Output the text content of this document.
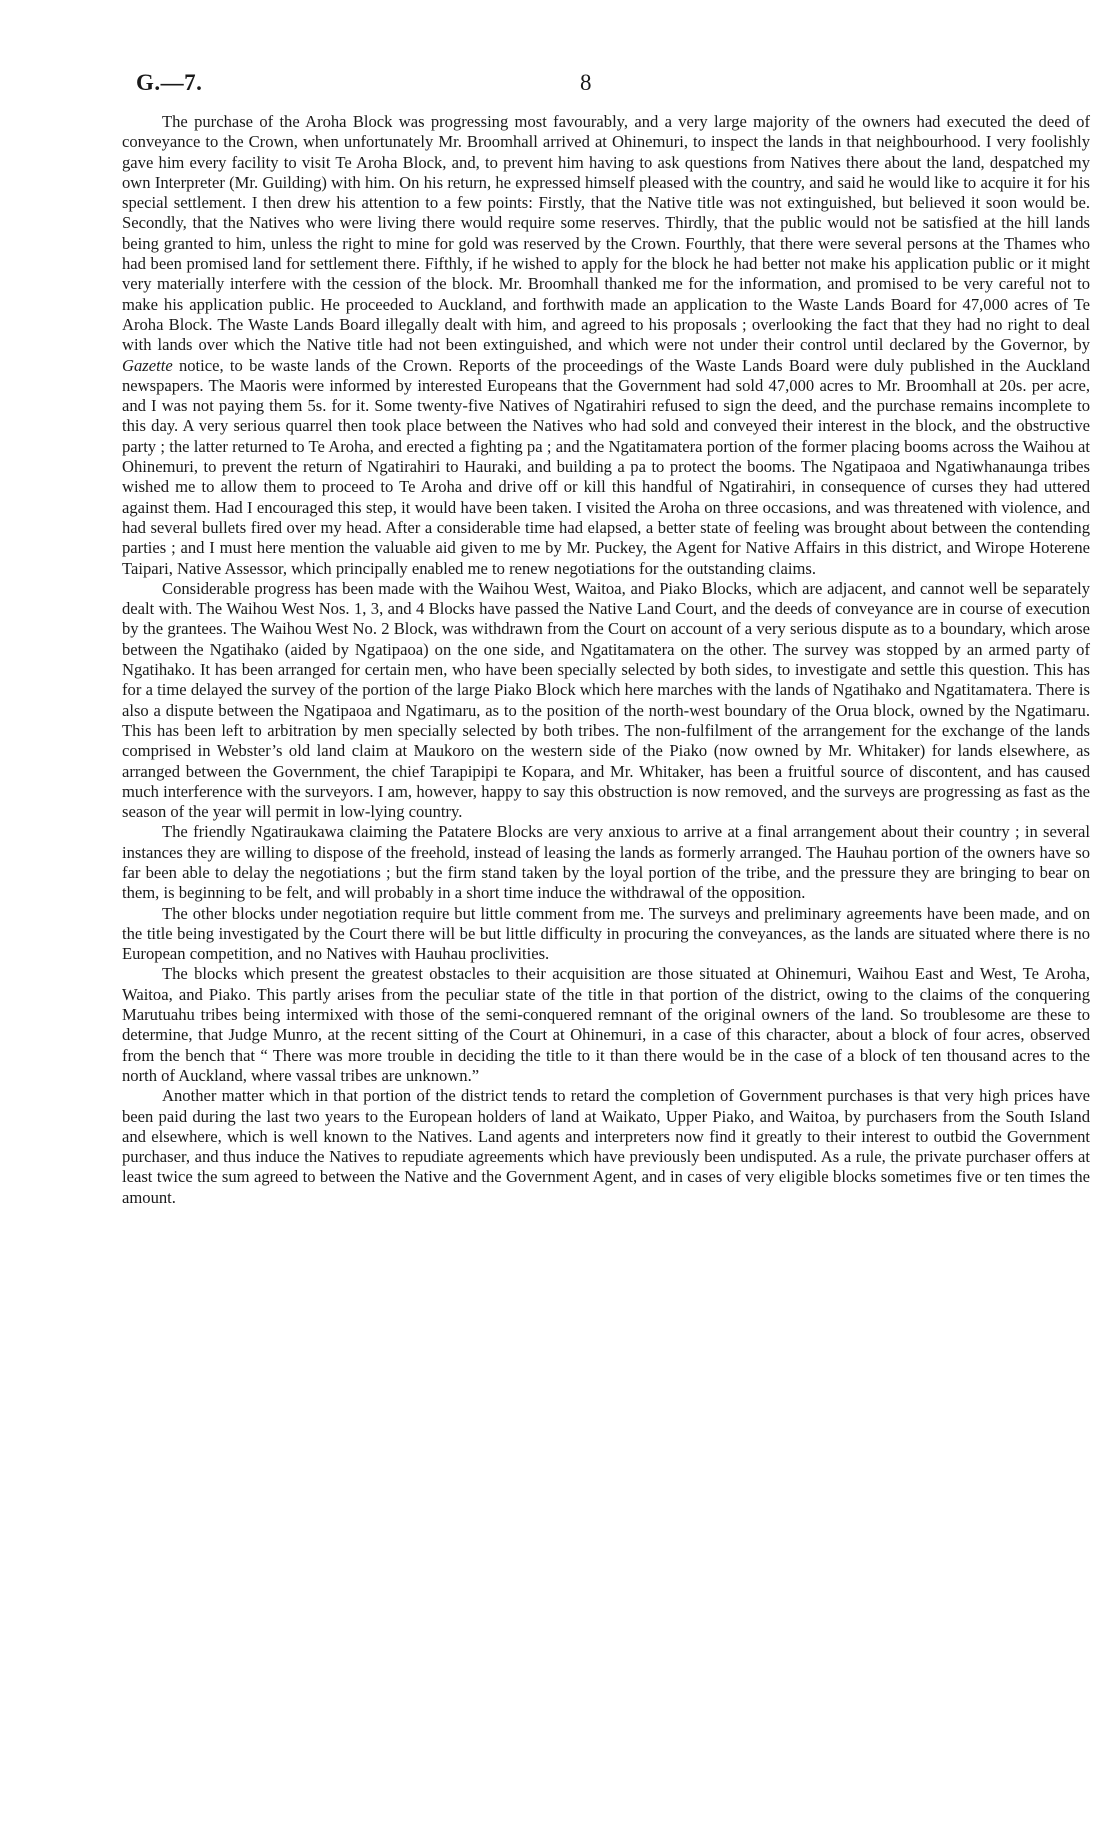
G.—7.	8

The purchase of the Aroha Block was progressing most favourably, and a very large majority of the owners had executed the deed of conveyance to the Crown, when unfortunately Mr. Broomhall arrived at Ohinemuri, to inspect the lands in that neighbourhood. I very foolishly gave him every facility to visit Te Aroha Block, and, to prevent him having to ask questions from Natives there about the land, despatched my own Interpreter (Mr. Guilding) with him. On his return, he expressed himself pleased with the country, and said he would like to acquire it for his special settlement. I then drew his attention to a few points: Firstly, that the Native title was not extinguished, but believed it soon would be. Secondly, that the Natives who were living there would require some reserves. Thirdly, that the public would not be satisfied at the hill lands being granted to him, unless the right to mine for gold was reserved by the Crown. Fourthly, that there were several persons at the Thames who had been promised land for settlement there. Fifthly, if he wished to apply for the block he had better not make his application public or it might very materially interfere with the cession of the block. Mr. Broomhall thanked me for the information, and promised to be very careful not to make his application public. He proceeded to Auckland, and forthwith made an application to the Waste Lands Board for 47,000 acres of Te Aroha Block. The Waste Lands Board illegally dealt with him, and agreed to his proposals ; overlooking the fact that they had no right to deal with lands over which the Native title had not been extinguished, and which were not under their control until declared by the Governor, by Gazette notice, to be waste lands of the Crown. Reports of the proceedings of the Waste Lands Board were duly published in the Auckland newspapers. The Maoris were informed by interested Europeans that the Government had sold 47,000 acres to Mr. Broomhall at 20s. per acre, and I was not paying them 5s. for it. Some twenty-five Natives of Ngatirahiri refused to sign the deed, and the purchase remains incomplete to this day. A very serious quarrel then took place between the Natives who had sold and conveyed their interest in the block, and the obstructive party ; the latter returned to Te Aroha, and erected a fighting pa ; and the Ngatitamatera portion of the former placing booms across the Waihou at Ohinemuri, to prevent the return of Ngatirahiri to Hauraki, and building a pa to protect the booms. The Ngatipaoa and Ngatiwhanaunga tribes wished me to allow them to proceed to Te Aroha and drive off or kill this handful of Ngatirahiri, in consequence of curses they had uttered against them. Had I encouraged this step, it would have been taken. I visited the Aroha on three occasions, and was threatened with violence, and had several bullets fired over my head. After a considerable time had elapsed, a better state of feeling was brought about between the contending parties ; and I must here mention the valuable aid given to me by Mr. Puckey, the Agent for Native Affairs in this district, and Wirope Hoterene Taipari, Native Assessor, which principally enabled me to renew negotiations for the outstanding claims.

Considerable progress has been made with the Waihou West, Waitoa, and Piako Blocks, which are adjacent, and cannot well be separately dealt with. The Waihou West Nos. 1, 3, and 4 Blocks have passed the Native Land Court, and the deeds of conveyance are in course of execution by the grantees. The Waihou West No. 2 Block, was withdrawn from the Court on account of a very serious dispute as to a boundary, which arose between the Ngatihako (aided by Ngatipaoa) on the one side, and Ngatitamatera on the other. The survey was stopped by an armed party of Ngatihako. It has been arranged for certain men, who have been specially selected by both sides, to investigate and settle this question. This has for a time delayed the survey of the portion of the large Piako Block which here marches with the lands of Ngatihako and Ngatitamatera. There is also a dispute between the Ngatipaoa and Ngatimaru, as to the position of the north-west boundary of the Orua block, owned by the Ngatimaru. This has been left to arbitration by men specially selected by both tribes. The non-fulfilment of the arrangement for the exchange of the lands comprised in Webster’s old land claim at Maukoro on the western side of the Piako (now owned by Mr. Whitaker) for lands elsewhere, as arranged between the Government, the chief Tarapipipi te Kopara, and Mr. Whitaker, has been a fruitful source of discontent, and has caused much interference with the surveyors. I am, however, happy to say this obstruction is now removed, and the surveys are progressing as fast as the season of the year will permit in low-lying country.

The friendly Ngatiraukawa claiming the Patatere Blocks are very anxious to arrive at a final arrangement about their country ; in several instances they are willing to dispose of the freehold, instead of leasing the lands as formerly arranged. The Hauhau portion of the owners have so far been able to delay the negotiations ; but the firm stand taken by the loyal portion of the tribe, and the pressure they are bringing to bear on them, is beginning to be felt, and will probably in a short time induce the withdrawal of the opposition.

The other blocks under negotiation require but little comment from me. The surveys and preliminary agreements have been made, and on the title being investigated by the Court there will be but little difficulty in procuring the conveyances, as the lands are situated where there is no European competition, and no Natives with Hauhau proclivities.

The blocks which present the greatest obstacles to their acquisition are those situated at Ohinemuri, Waihou East and West, Te Aroha, Waitoa, and Piako. This partly arises from the peculiar state of the title in that portion of the district, owing to the claims of the conquering Marutuahu tribes being intermixed with those of the semi-conquered remnant of the original owners of the land. So troublesome are these to determine, that Judge Munro, at the recent sitting of the Court at Ohinemuri, in a case of this character, about a block of four acres, observed from the bench that “ There was more trouble in deciding the title to it than there would be in the case of a block of ten thousand acres to the north of Auckland, where vassal tribes are unknown.”

Another matter which in that portion of the district tends to retard the completion of Government purchases is that very high prices have been paid during the last two years to the European holders of land at Waikato, Upper Piako, and Waitoa, by purchasers from the South Island and elsewhere, which is well known to the Natives. Land agents and interpreters now find it greatly to their interest to outbid the Government purchaser, and thus induce the Natives to repudiate agreements which have previously been undisputed. As a rule, the private purchaser offers at least twice the sum agreed to between the Native and the Government Agent, and in cases of very eligible blocks sometimes five or ten times the amount.
